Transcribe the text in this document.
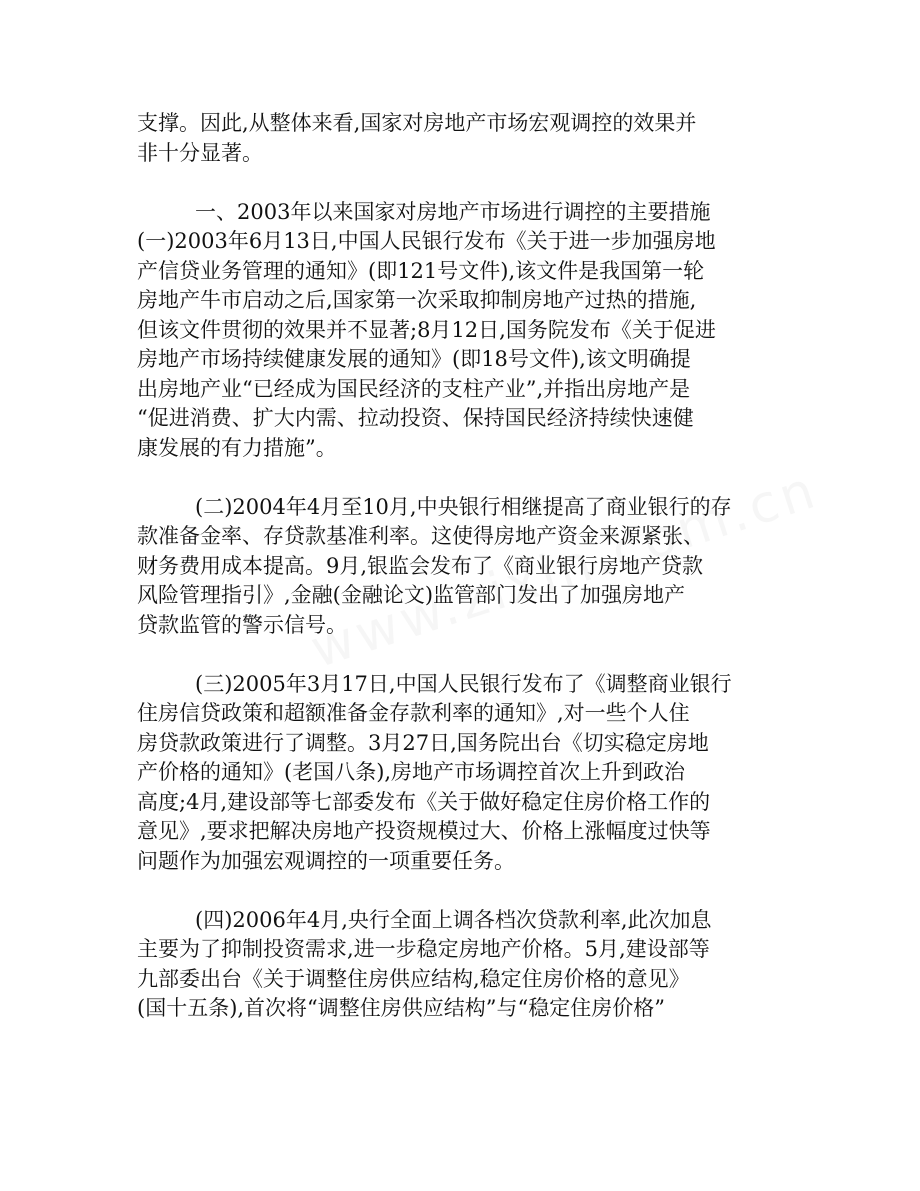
支撑。因此,从整体来看,国家对房地产市场宏观调控的效果并
非十分显著。
一、2003年以来国家对房地产市场进行调控的主要措施
(一)2003年6月13日,中国人民银行发布《关于进一步加强房地
产信贷业务管理的通知》(即121号文件),该文件是我国第一轮
房地产牛市启动之后,国家第一次采取抑制房地产过热的措施,
但该文件贯彻的效果并不显著;8月12日,国务院发布《关于促进
房地产市场持续健康发展的通知》(即18号文件),该文明确提
出房地产业“已经成为国民经济的支柱产业”,并指出房地产是
“促进消费、扩大内需、拉动投资、保持国民经济持续快速健
康发展的有力措施”。
(二)2004年4月至10月,中央银行相继提高了商业银行的存
款准备金率、存贷款基准利率。这使得房地产资金来源紧张、
财务费用成本提高。9月,银监会发布了《商业银行房地产贷款
风险管理指引》,金融(金融论文)监管部门发出了加强房地产
贷款监管的警示信号。
(三)2005年3月17日,中国人民银行发布了《调整商业银行
住房信贷政策和超额准备金存款利率的通知》,对一些个人住
房贷款政策进行了调整。3月27日,国务院出台《切实稳定房地
产价格的通知》(老国八条),房地产市场调控首次上升到政治
高度;4月,建设部等七部委发布《关于做好稳定住房价格工作的
意见》,要求把解决房地产投资规模过大、价格上涨幅度过快等
问题作为加强宏观调控的一项重要任务。
(四)2006年4月,央行全面上调各档次贷款利率,此次加息
主要为了抑制投资需求,进一步稳定房地产价格。5月,建设部等
九部委出台《关于调整住房供应结构,稳定住房价格的意见》
(国十五条),首次将“调整住房供应结构”与“稳定住房价格”
